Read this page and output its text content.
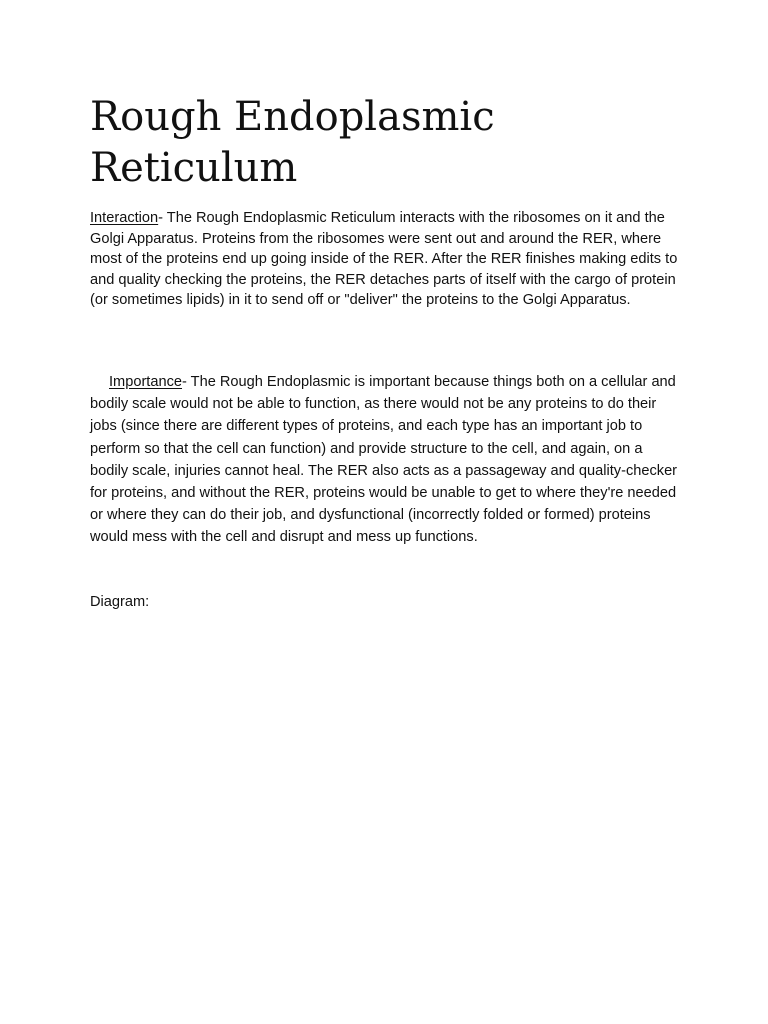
Rough Endoplasmic Reticulum

Interaction- The Rough Endoplasmic Reticulum interacts with the ribosomes on it and the Golgi Apparatus. Proteins from the ribosomes were sent out and around the RER, where most of the proteins end up going inside of the RER. After the RER finishes making edits to and quality checking the proteins, the RER detaches parts of itself with the cargo of protein (or sometimes lipids) in it to send off or "deliver" the proteins to the Golgi Apparatus.

Importance- The Rough Endoplasmic is important because things both on a cellular and bodily scale would not be able to function, as there would not be any proteins to do their jobs (since there are different types of proteins, and each type has an important job to perform so that the cell can function) and provide structure to the cell, and again, on a bodily scale, injuries cannot heal. The RER also acts as a passageway and quality-checker for proteins, and without the RER, proteins would be unable to get to where they're needed or where they can do their job, and dysfunctional (incorrectly folded or formed) proteins would mess with the cell and disrupt and mess up functions.

Diagram:
